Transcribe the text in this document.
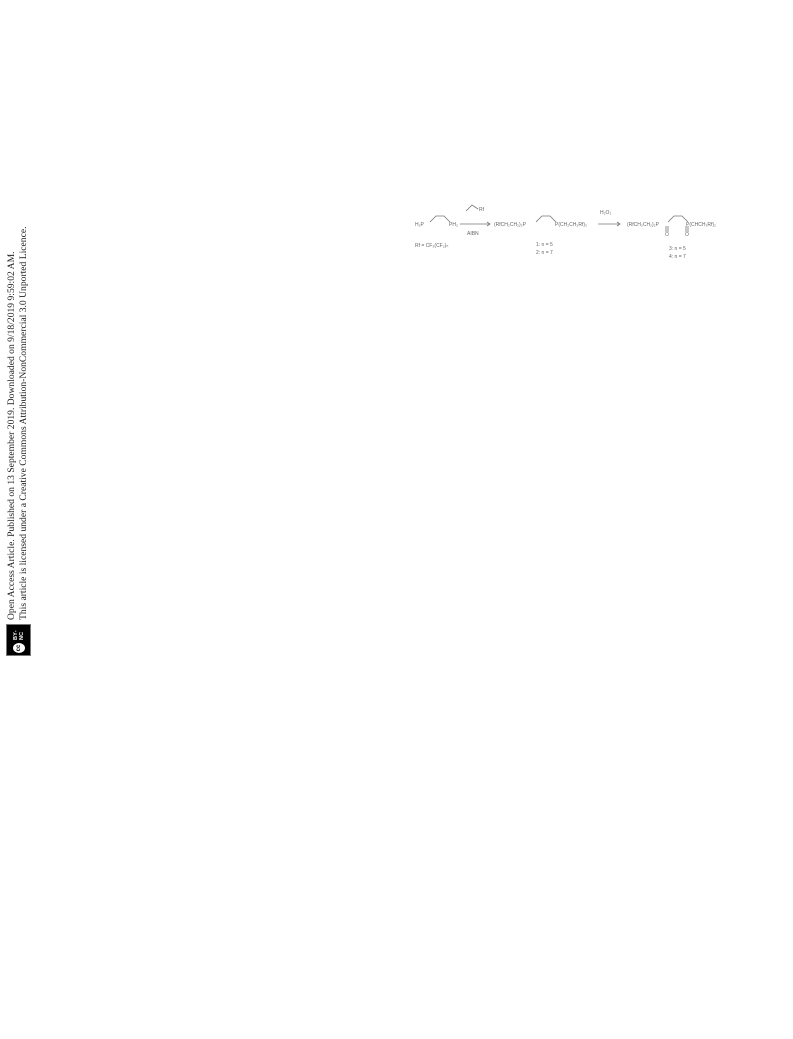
cc
BY-NC
Open Access Article. Published on 13 September 2019. Downloaded on 9/18/2019 9:59:02 AM. This article is licensed under a Creative Commons Attribution-NonCommercial 3.0 Unported Licence.
H₂P	PH₂
Rf = CF₃(CF₂)ₙ
Rf
AIBN
(RfCH₂CH₂)₂P	P(CH₂CH₂Rf)₂
1: n = 5
2: n = 7
H₂O₂
(RfCH₂CH₂)₂P	P(CHCH₂Rf)₂
O	O
3: n = 5
4: n = 7
